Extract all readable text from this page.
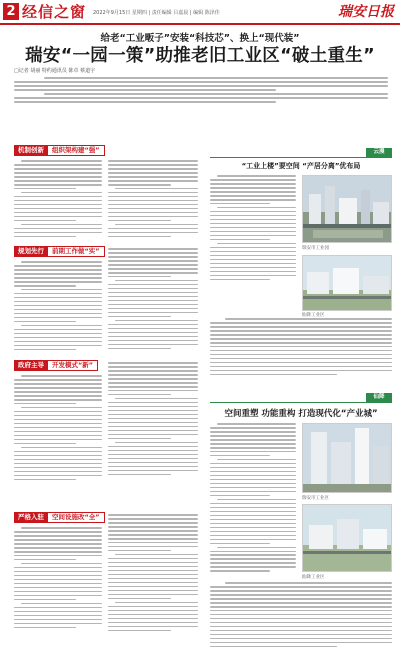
2 经信之窗 2022年9月15日 星期四 | 责任编辑 吕嘉晨 | 编辑 陈泽佳	瑞安日报
给老“工业畈子”安装“科技芯”、换上“现代装”
瑞安“一园一策”助推老旧工业区“破土重生”
□记者 胡丽 特约通讯员 陈卓 蔡道宇
机制创新	组织架构建“强”
规划先行	前期工作做“实”
政府主导	开发模式“新”
严格入驻	空间设施改“全”
云漫
“工业上楼”要空间 “产居分离”优布局
瑞安市工业园
仙降工业区
仙降
空间重塑 功能重构 打造现代化“产业城”
瑞安市工业区
仙降工业区
